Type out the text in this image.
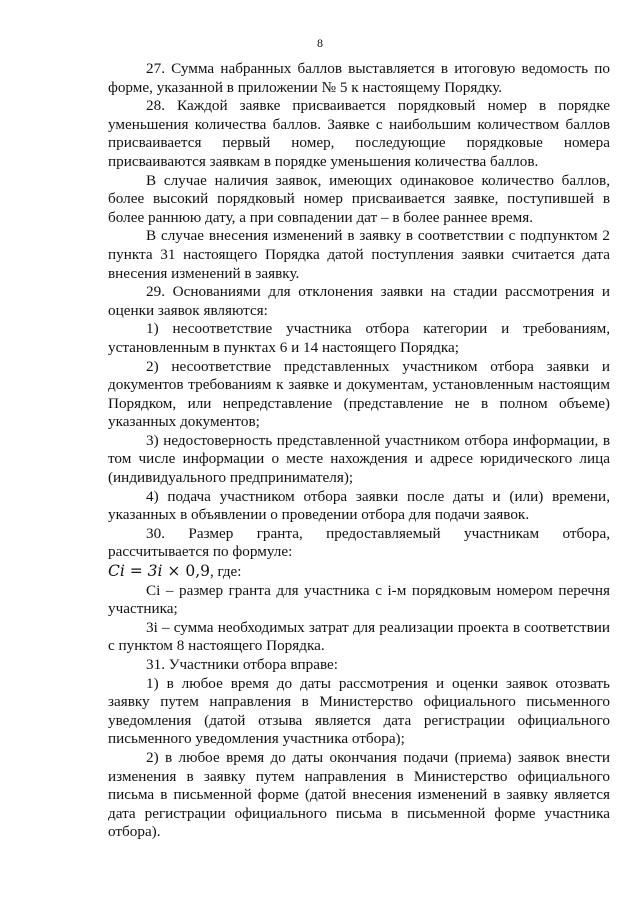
8

27. Сумма набранных баллов выставляется в итоговую ведомость по форме, указанной в приложении № 5 к настоящему Порядку.

28. Каждой заявке присваивается порядковый номер в порядке уменьшения количества баллов. Заявке с наибольшим количеством баллов присваивается первый номер, последующие порядковые номера присваиваются заявкам в порядке уменьшения количества баллов.

В случае наличия заявок, имеющих одинаковое количество баллов, более высокий порядковый номер присваивается заявке, поступившей в более раннюю дату, а при совпадении дат – в более раннее время.

В случае внесения изменений в заявку в соответствии с подпунктом 2 пункта 31 настоящего Порядка датой поступления заявки считается дата внесения изменений в заявку.

29. Основаниями для отклонения заявки на стадии рассмотрения и оценки заявок являются:

1) несоответствие участника отбора категории и требованиям, установленным в пунктах 6 и 14 настоящего Порядка;

2) несоответствие представленных участником отбора заявки и документов требованиям к заявке и документам, установленным настоящим Порядком, или непредставление (представление не в полном объеме) указанных документов;

3) недостоверность представленной участником отбора информации, в том числе информации о месте нахождения и адресе юридического лица (индивидуального предпринимателя);

4) подача участником отбора заявки после даты и (или) времени, указанных в объявлении о проведении отбора для подачи заявок.

30. Размер гранта, предоставляемый участникам отбора, рассчитывается по формуле:

Ci = 3i × 0,9, где:

Ci – размер гранта для участника с i-м порядковым номером перечня участника;

3i – сумма необходимых затрат для реализации проекта в соответствии с пунктом 8 настоящего Порядка.

31. Участники отбора вправе:

1) в любое время до даты рассмотрения и оценки заявок отозвать заявку путем направления в Министерство официального письменного уведомления (датой отзыва является дата регистрации официального письменного уведомления участника отбора);

2) в любое время до даты окончания подачи (приема) заявок внести изменения в заявку путем направления в Министерство официального письма в письменной форме (датой внесения изменений в заявку является дата регистрации официального письма в письменной форме участника отбора).
